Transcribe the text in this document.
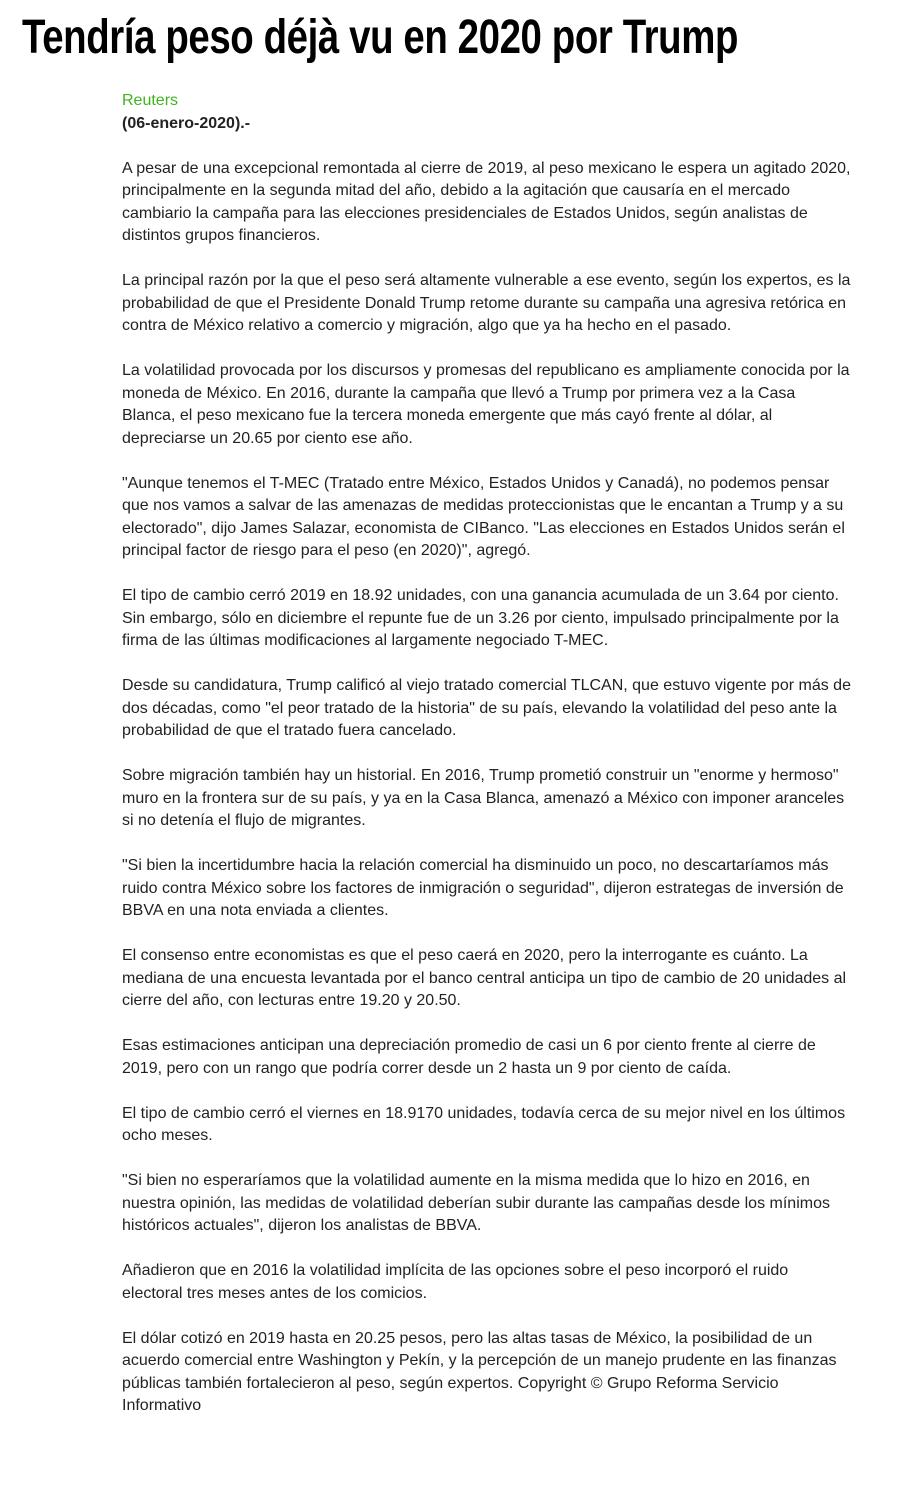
Tendría peso déjà vu en 2020 por Trump
Reuters
(06-enero-2020).-

A pesar de una excepcional remontada al cierre de 2019, al peso mexicano le espera un agitado 2020, principalmente en la segunda mitad del año, debido a la agitación que causaría en el mercado cambiario la campaña para las elecciones presidenciales de Estados Unidos, según analistas de distintos grupos financieros.

La principal razón por la que el peso será altamente vulnerable a ese evento, según los expertos, es la probabilidad de que el Presidente Donald Trump retome durante su campaña una agresiva retórica en contra de México relativo a comercio y migración, algo que ya ha hecho en el pasado.

La volatilidad provocada por los discursos y promesas del republicano es ampliamente conocida por la moneda de México. En 2016, durante la campaña que llevó a Trump por primera vez a la Casa Blanca, el peso mexicano fue la tercera moneda emergente que más cayó frente al dólar, al depreciarse un 20.65 por ciento ese año.

"Aunque tenemos el T-MEC (Tratado entre México, Estados Unidos y Canadá), no podemos pensar que nos vamos a salvar de las amenazas de medidas proteccionistas que le encantan a Trump y a su electorado", dijo James Salazar, economista de CIBanco. "Las elecciones en Estados Unidos serán el principal factor de riesgo para el peso (en 2020)", agregó.

El tipo de cambio cerró 2019 en 18.92 unidades, con una ganancia acumulada de un 3.64 por ciento. Sin embargo, sólo en diciembre el repunte fue de un 3.26 por ciento, impulsado principalmente por la firma de las últimas modificaciones al largamente negociado T-MEC.

Desde su candidatura, Trump calificó al viejo tratado comercial TLCAN, que estuvo vigente por más de dos décadas, como "el peor tratado de la historia" de su país, elevando la volatilidad del peso ante la probabilidad de que el tratado fuera cancelado.

Sobre migración también hay un historial. En 2016, Trump prometió construir un "enorme y hermoso" muro en la frontera sur de su país, y ya en la Casa Blanca, amenazó a México con imponer aranceles si no detenía el flujo de migrantes.

"Si bien la incertidumbre hacia la relación comercial ha disminuido un poco, no descartaríamos más ruido contra México sobre los factores de inmigración o seguridad", dijeron estrategas de inversión de BBVA en una nota enviada a clientes.

El consenso entre economistas es que el peso caerá en 2020, pero la interrogante es cuánto. La mediana de una encuesta levantada por el banco central anticipa un tipo de cambio de 20 unidades al cierre del año, con lecturas entre 19.20 y 20.50.

Esas estimaciones anticipan una depreciación promedio de casi un 6 por ciento frente al cierre de 2019, pero con un rango que podría correr desde un 2 hasta un 9 por ciento de caída.

El tipo de cambio cerró el viernes en 18.9170 unidades, todavía cerca de su mejor nivel en los últimos ocho meses.

"Si bien no esperaríamos que la volatilidad aumente en la misma medida que lo hizo en 2016, en nuestra opinión, las medidas de volatilidad deberían subir durante las campañas desde los mínimos históricos actuales", dijeron los analistas de BBVA.

Añadieron que en 2016 la volatilidad implícita de las opciones sobre el peso incorporó el ruido electoral tres meses antes de los comicios.

El dólar cotizó en 2019 hasta en 20.25 pesos, pero las altas tasas de México, la posibilidad de un acuerdo comercial entre Washington y Pekín, y la percepción de un manejo prudente en las finanzas públicas también fortalecieron al peso, según expertos. Copyright © Grupo Reforma Servicio Informativo
